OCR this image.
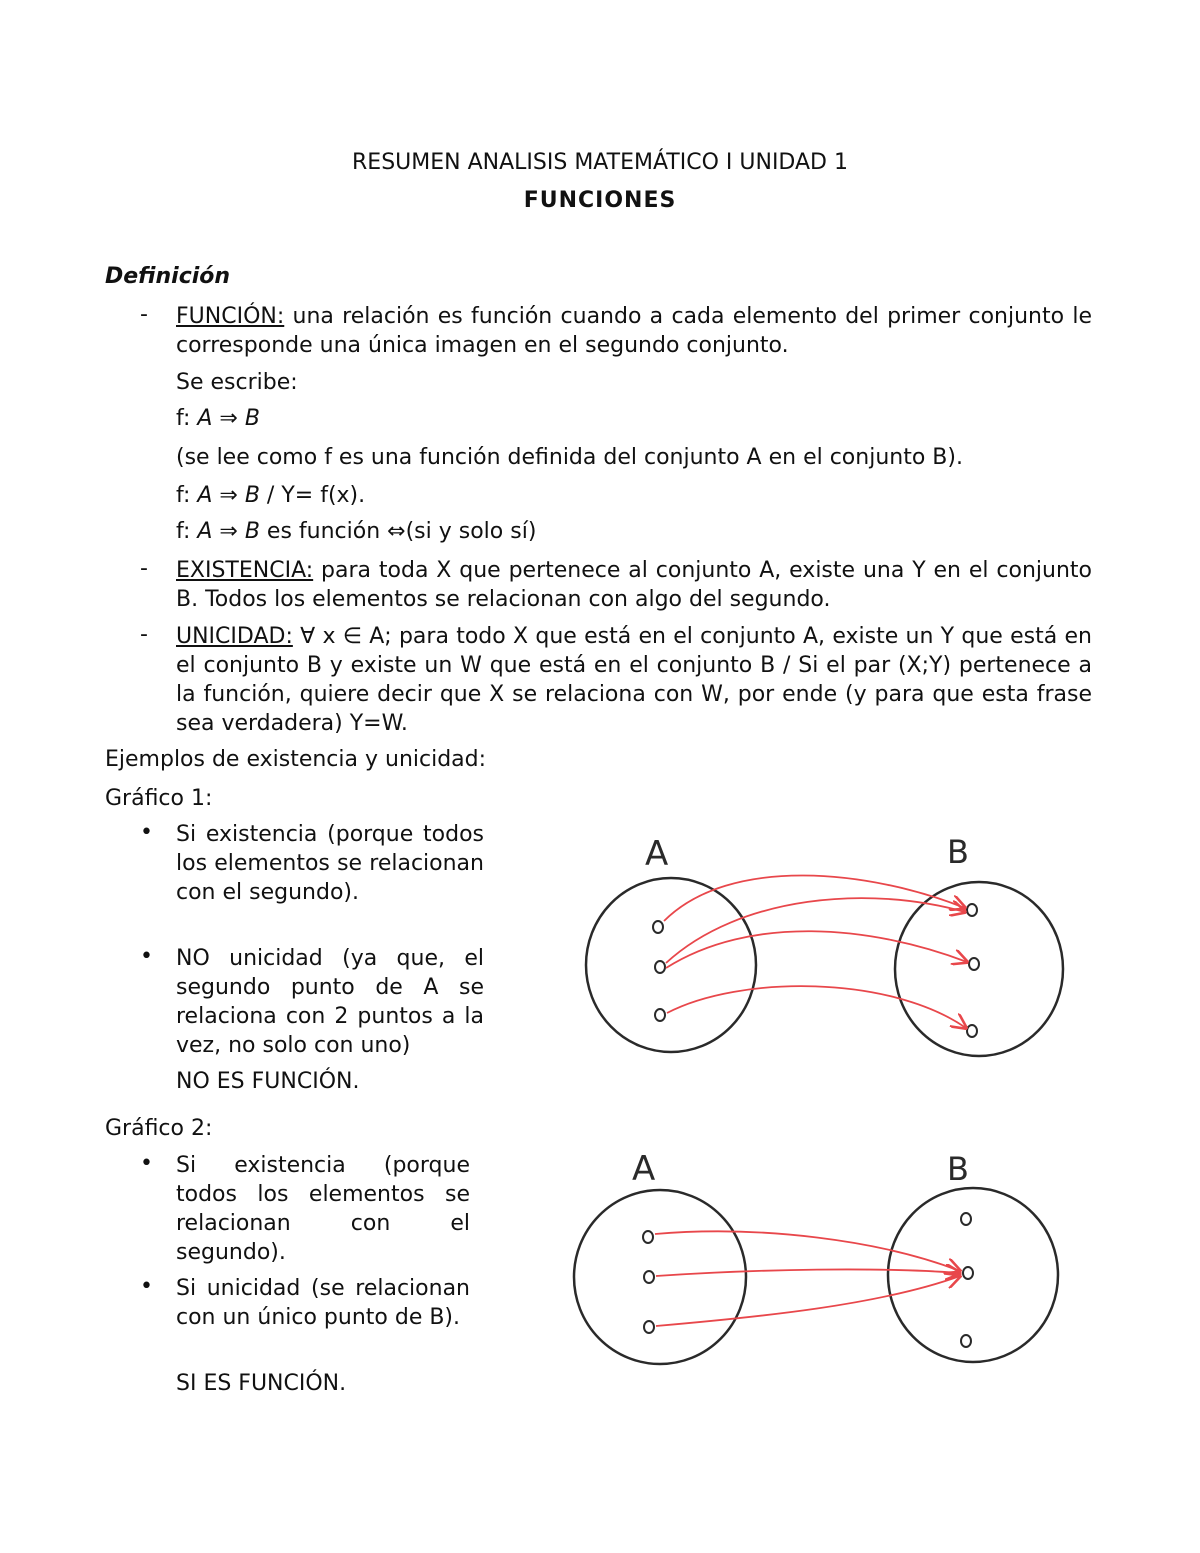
RESUMEN ANALISIS MATEMÁTICO I UNIDAD 1
FUNCIONES
Definición
- FUNCIÓN: una relación es función cuando a cada elemento del primer conjunto le corresponde una única imagen en el segundo conjunto.
Se escribe:
f: A ⇒ B
(se lee como f es una función definida del conjunto A en el conjunto B).
f: A ⇒ B / Y= f(x).
f: A ⇒ B es función ⇔(si y solo sí)
- EXISTENCIA: para toda X que pertenece al conjunto A, existe una Y en el conjunto B. Todos los elementos se relacionan con algo del segundo.
- UNICIDAD: ∀ x ∈ A; para todo X que está en el conjunto A, existe un Y que está en el conjunto B y existe un W que está en el conjunto B / Si el par (X;Y) pertenece a la función, quiere decir que X se relaciona con W, por ende (y para que esta frase sea verdadera) Y=W.
Ejemplos de existencia y unicidad:
Gráfico 1:
• Si existencia (porque todos los elementos se relacionan con el segundo).
• NO unicidad (ya que, el segundo punto de A se relaciona con 2 puntos a la vez, no solo con uno)
NO ES FUNCIÓN.
A	B
Gráfico 2:
• Si existencia (porque todos los elementos se relacionan con el segundo).
• Si unicidad (se relacionan con un único punto de B).
SI ES FUNCIÓN.
A	B
